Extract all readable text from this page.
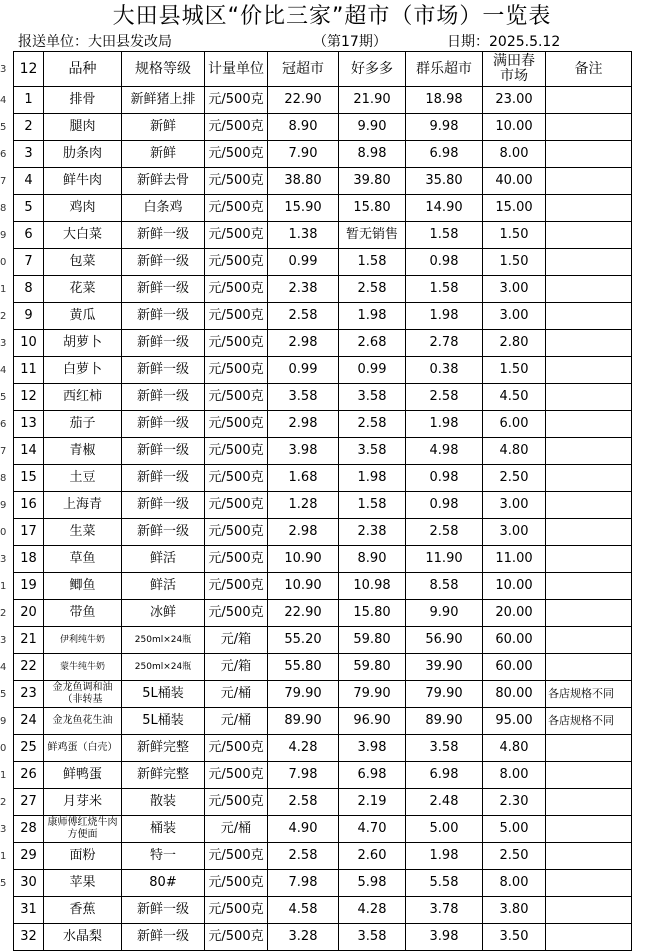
大田县城区“价比三家”超市（市场）一览表
报送单位：大田县发改局	（第17期）	日期：2025.5.12
3
4
5
6
7
8
9
0
1
2
3
4
5
6
7
8
9
0
3
1
2
3
4
5
9
0
1
2
3
1
5
12	品种	规格等级	计量单位	冠超市	好多多	群乐超市	满田春市场	备注
1	排骨	新鲜猪上排	元/500克	22.90	21.90	18.98	23.00	
2	腿肉	新鲜	元/500克	8.90	9.90	9.98	10.00	
3	肋条肉	新鲜	元/500克	7.90	8.98	6.98	8.00	
4	鲜牛肉	新鲜去骨	元/500克	38.80	39.80	35.80	40.00	
5	鸡肉	白条鸡	元/500克	15.90	15.80	14.90	15.00	
6	大白菜	新鲜一级	元/500克	1.38	暂无销售	1.58	1.50	
7	包菜	新鲜一级	元/500克	0.99	1.58	0.98	1.50	
8	花菜	新鲜一级	元/500克	2.38	2.58	1.58	3.00	
9	黄瓜	新鲜一级	元/500克	2.58	1.98	1.98	3.00	
10	胡萝卜	新鲜一级	元/500克	2.98	2.68	2.78	2.80	
11	白萝卜	新鲜一级	元/500克	0.99	0.99	0.38	1.50	
12	西红柿	新鲜一级	元/500克	3.58	3.58	2.58	4.50	
13	茄子	新鲜一级	元/500克	2.98	2.58	1.98	6.00	
14	青椒	新鲜一级	元/500克	3.98	3.58	4.98	4.80	
15	土豆	新鲜一级	元/500克	1.68	1.98	0.98	2.50	
16	上海青	新鲜一级	元/500克	1.28	1.58	0.98	3.00	
17	生菜	新鲜一级	元/500克	2.98	2.38	2.58	3.00	
18	草鱼	鲜活	元/500克	10.90	8.90	11.90	11.00	
19	鲫鱼	鲜活	元/500克	10.90	10.98	8.58	10.00	
20	带鱼	冰鲜	元/500克	22.90	15.80	9.90	20.00	
21	伊利纯牛奶	250ml×24瓶	元/箱	55.20	59.80	56.90	60.00	
22	蒙牛纯牛奶	250ml×24瓶	元/箱	55.80	59.80	39.90	60.00	
23	金龙鱼调和油（非转基	5L桶装	元/桶	79.90	79.90	79.90	80.00	各店规格不同
24	金龙鱼花生油	5L桶装	元/桶	89.90	96.90	89.90	95.00	各店规格不同
25	鲜鸡蛋（白壳）	新鲜完整	元/500克	4.28	3.98	3.58	4.80	
26	鲜鸭蛋	新鲜完整	元/500克	7.98	6.98	6.98	8.00	
27	月芽米	散装	元/500克	2.58	2.19	2.48	2.30	
28	康师傅红烧牛肉方便面	桶装	元/桶	4.90	4.70	5.00	5.00	
29	面粉	特一	元/500克	2.58	2.60	1.98	2.50	
30	苹果	80#	元/500克	7.98	5.98	5.58	8.00	
31	香蕉	新鲜一级	元/500克	4.58	4.28	3.78	3.80	
32	水晶梨	新鲜一级	元/500克	3.28	3.58	3.98	3.50	
